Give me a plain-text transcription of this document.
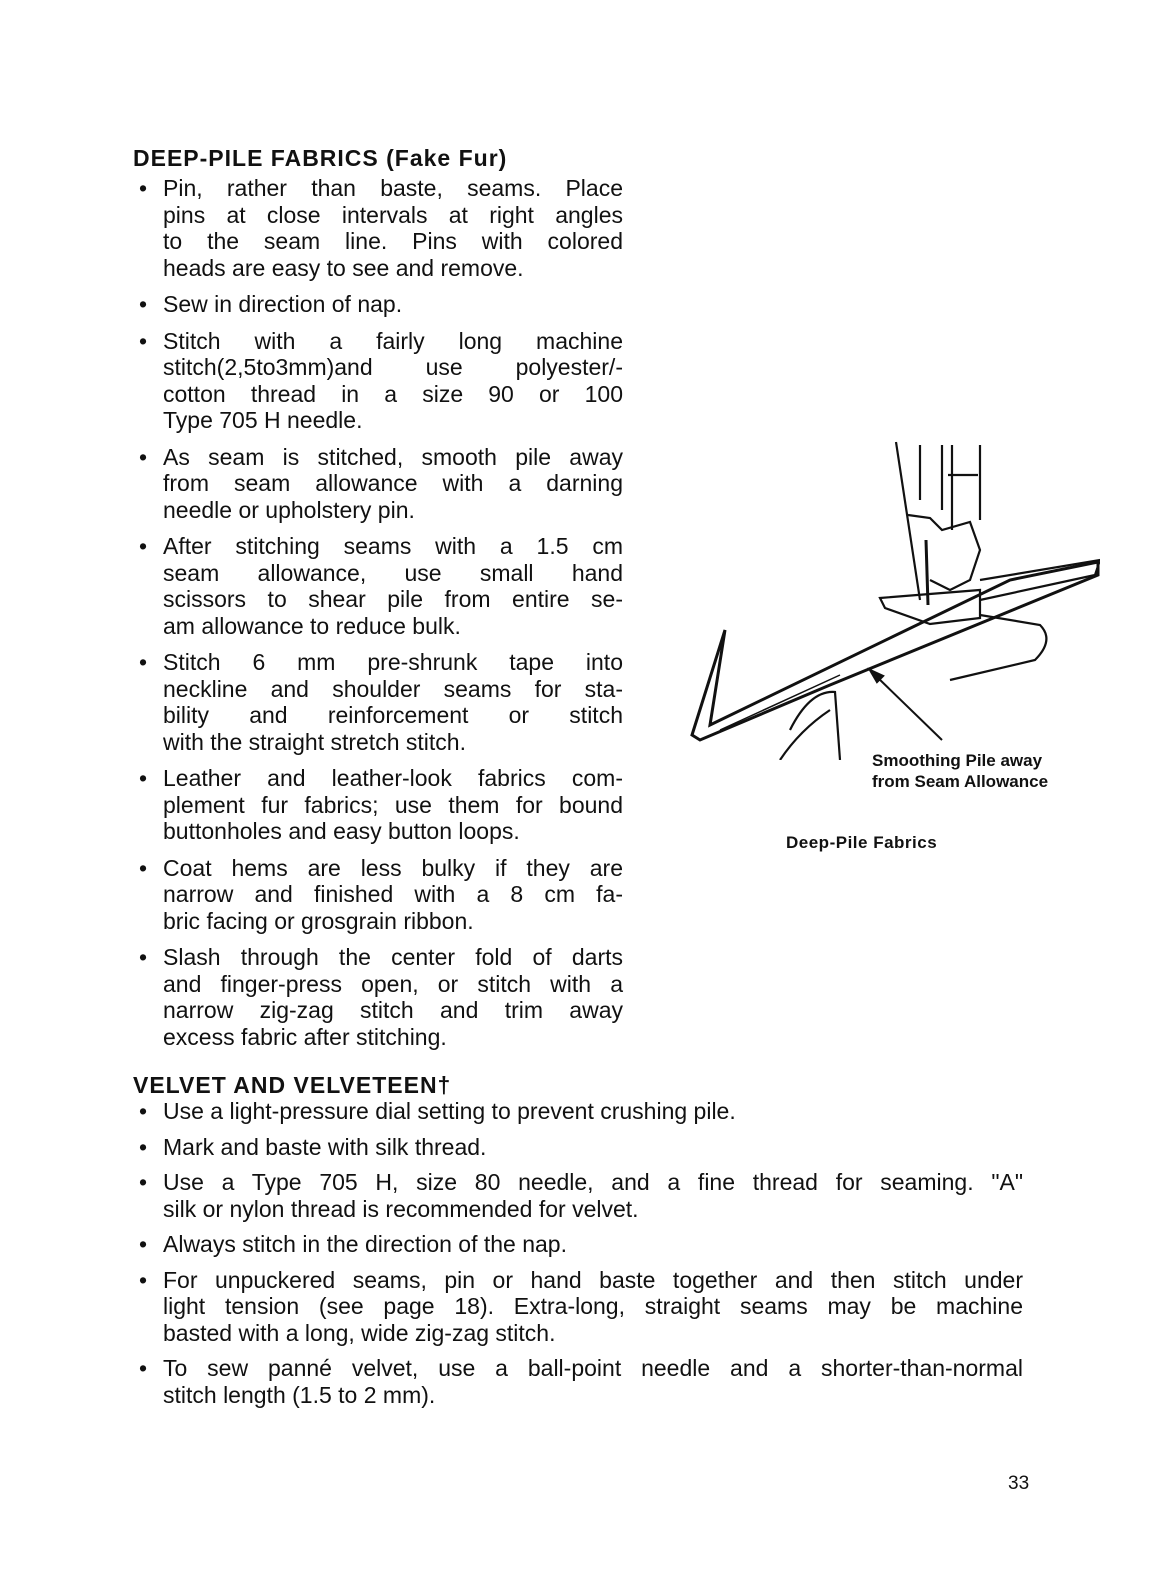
DEEP-PILE FABRICS (Fake Fur)
• Pin, rather than baste, seams. Place
pins at close intervals at right angles
to the seam line. Pins with colored
heads are easy to see and remove.
• Sew in direction of nap.
• Stitch with a fairly long machine
stitch(2,5to3mm)and use polyester/-
cotton thread in a size 90 or 100
Type 705 H needle.
• As seam is stitched, smooth pile away
from seam allowance with a darning
needle or upholstery pin.
• After stitching seams with a 1.5 cm
seam allowance, use small hand
scissors to shear pile from entire se-
am allowance to reduce bulk.
• Stitch 6 mm pre-shrunk tape into
neckline and shoulder seams for sta-
bility and reinforcement or stitch
with the straight stretch stitch.
• Leather and leather-look fabrics com-
plement fur fabrics; use them for bound
buttonholes and easy button loops.
• Coat hems are less bulky if they are
narrow and finished with a 8 cm fa-
bric facing or grosgrain ribbon.
• Slash through the center fold of darts
and finger-press open, or stitch with a
narrow zig-zag stitch and trim away
excess fabric after stitching.
Smoothing Pile away
from Seam Allowance
Deep-Pile Fabrics
VELVET AND VELVETEEN†
• Use a light-pressure dial setting to prevent crushing pile.
• Mark and baste with silk thread.
• Use a Type 705 H, size 80 needle, and a fine thread for seaming. "A"
silk or nylon thread is recommended for velvet.
• Always stitch in the direction of the nap.
• For unpuckered seams, pin or hand baste together and then stitch under
light tension (see page 18). Extra-long, straight seams may be machine
basted with a long, wide zig-zag stitch.
• To sew panné velvet, use a ball-point needle and a shorter-than-normal
stitch length (1.5 to 2 mm).
33
